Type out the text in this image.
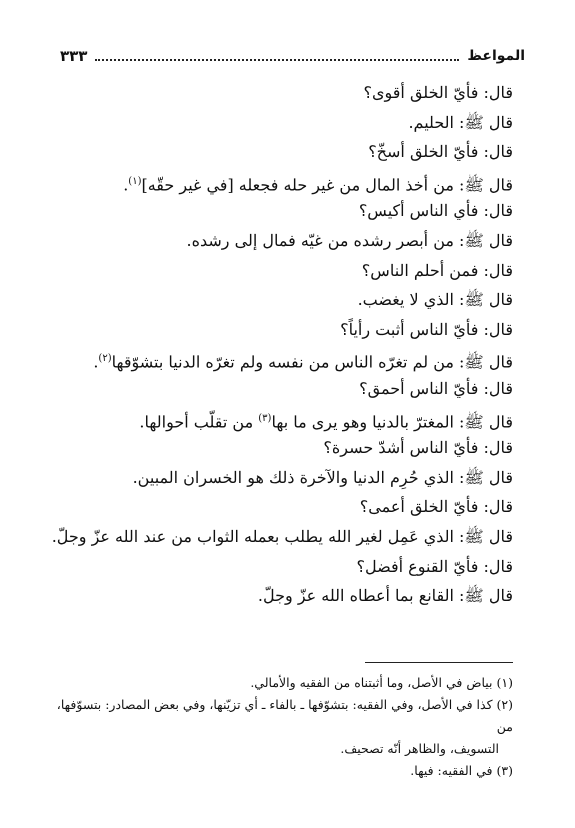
المواعظ
٣٣٣
قال: فأيّ الخلق أقوى؟
قال ﷺ: الحليم.
قال: فأيّ الخلق أسخّ؟
قال ﷺ: من أخذ المال من غير حله فجعله [في غير حقّه]$^{(١)}$.
قال: فأي الناس أكيس؟
قال ﷺ: من أبصر رشده من غيّه فمال إلى رشده.
قال: فمن أحلم الناس؟
قال ﷺ: الذي لا يغضب.
قال: فأيّ الناس أثبت رأياً؟
قال ﷺ: من لم تغرّه الناس من نفسه ولم تغرّه الدنيا بتشوّقها$^{(٢)}$.
قال: فأيّ الناس أحمق؟
قال ﷺ: المغترّ بالدنيا وهو يرى ما بها$^{(٣)}$ من تقلّب أحوالها.
قال: فأيّ الناس أشدّ حسرة؟
قال ﷺ: الذي حُرِم الدنيا والآخرة ذلك هو الخسران المبين.
قال: فأيّ الخلق أعمى؟
قال ﷺ: الذي عَمِل لغير الله يطلب بعمله الثواب من عند الله عزّ وجلّ.
قال: فأيّ القنوع أفضل؟
قال ﷺ: القانع بما أعطاه الله عزّ وجلّ.

(١) بياض في الأصل، وما أثبتناه من الفقيه والأمالي.

(٢) كذا في الأصل، وفي الفقيه: بتشوّفها ـ بالفاء ـ أي تزيّنها، وفي بعض المصادر: بتسوّفها، من

التسويف، والظاهر أنّه تصحيف.

(٣) في الفقيه: فيها.
